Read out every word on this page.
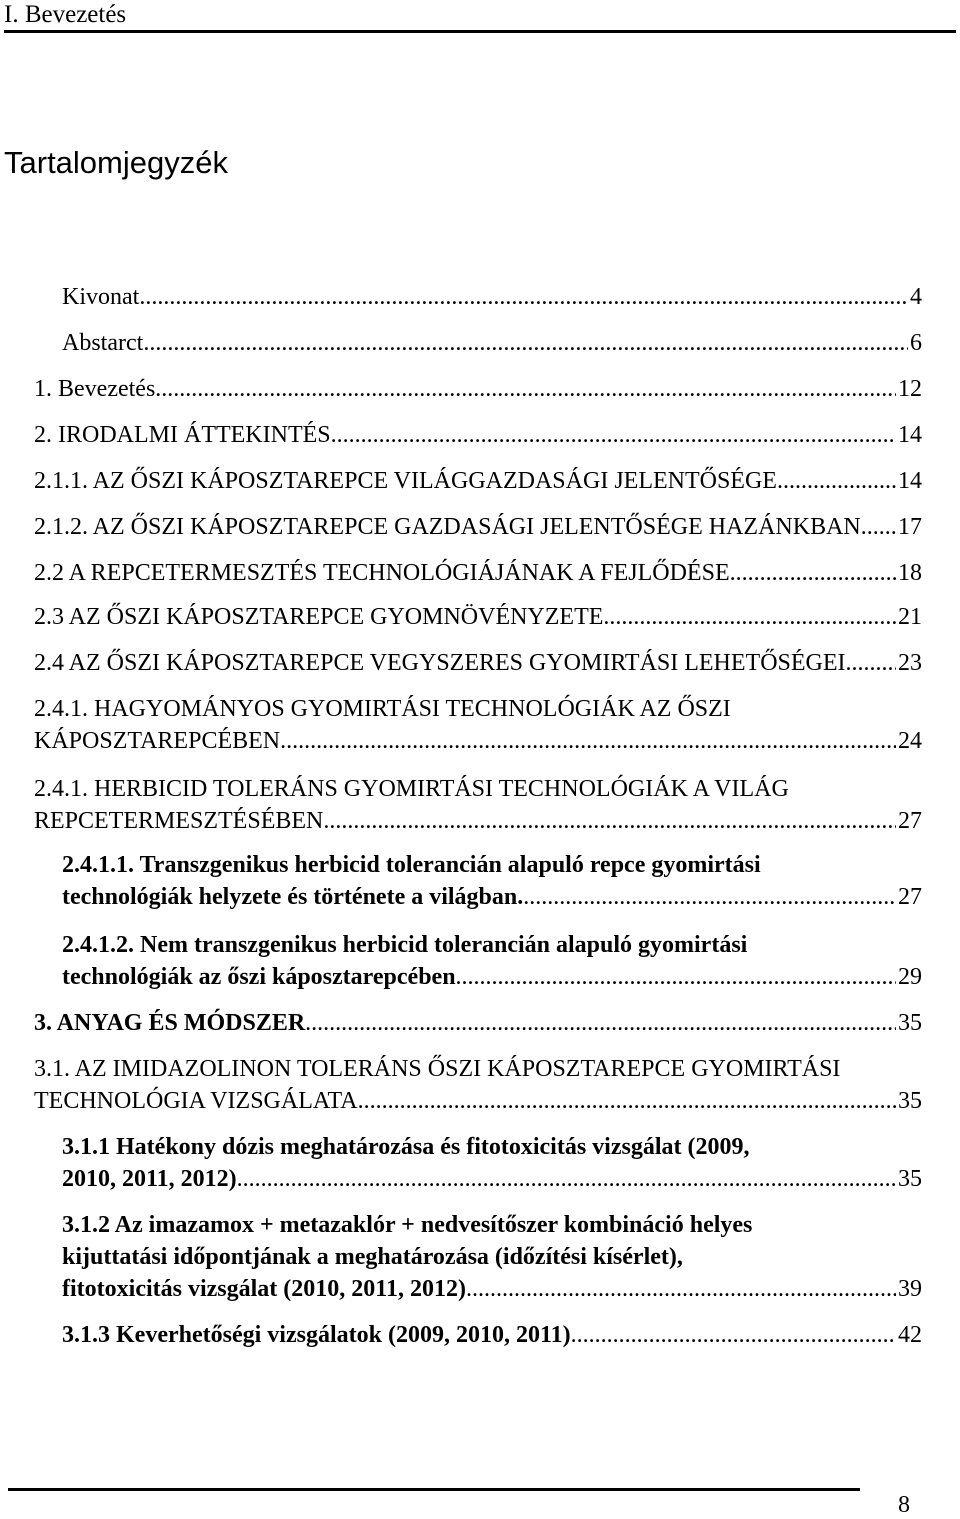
I. Bevezetés
Tartalomjegyzék
Kivonat .....	4
Abstarct .....	6
1. Bevezetés .....	12
2. IRODALMI ÁTTEKINTÉS .....	14
2.1.1. AZ ŐSZI KÁPOSZTAREPCE VILÁGGAZDASÁGI JELENTŐSÉGE .....	14
2.1.2. AZ ŐSZI KÁPOSZTAREPCE GAZDASÁGI JELENTŐSÉGE HAZÁNKBAN ..... 17
2.2 A REPCETERMESZTÉS TECHNOLÓGIÁJÁNAK A FEJLŐDÉSE .....	18
2.3 AZ ŐSZI KÁPOSZTAREPCE GYOMNÖVÉNYZETE .....	21
2.4 AZ ŐSZI KÁPOSZTAREPCE VEGYSZERES GYOMIRTÁSI LEHETŐSÉGEI ..... 23
2.4.1. HAGYOMÁNYOS GYOMIRTÁSI TECHNOLÓGIÁK AZ ŐSZI
KÁPOSZTAREPCÉBEN .....	24
2.4.1. HERBICID TOLERÁNS GYOMIRTÁSI TECHNOLÓGIÁK A VILÁG
REPCETERMESZTÉSÉBEN .....	27
2.4.1.1. Transzgenikus herbicid tolerancián alapuló repce gyomirtási
technológiák helyzete és története a világban. .....	27
2.4.1.2. Nem transzgenikus herbicid tolerancián alapuló gyomirtási
technológiák az őszi káposztarepcében .....	29
3. ANYAG ÉS MÓDSZER .....	35
3.1. AZ IMIDAZOLINON TOLERÁNS ŐSZI KÁPOSZTAREPCE GYOMIRTÁSI
TECHNOLÓGIA VIZSGÁLATA .....	35
3.1.1 Hatékony dózis meghatározása és fitotoxicitás vizsgálat (2009,
2010, 2011, 2012) .....	35
3.1.2 Az imazamox + metazaklór + nedvesítőszer kombináció helyes
kijuttatási időpontjának a meghatározása (időzítési kísérlet),
fitotoxicitás vizsgálat (2010, 2011, 2012) .....	39
3.1.3 Keverhetőségi vizsgálatok (2009, 2010, 2011) .....	42
8
